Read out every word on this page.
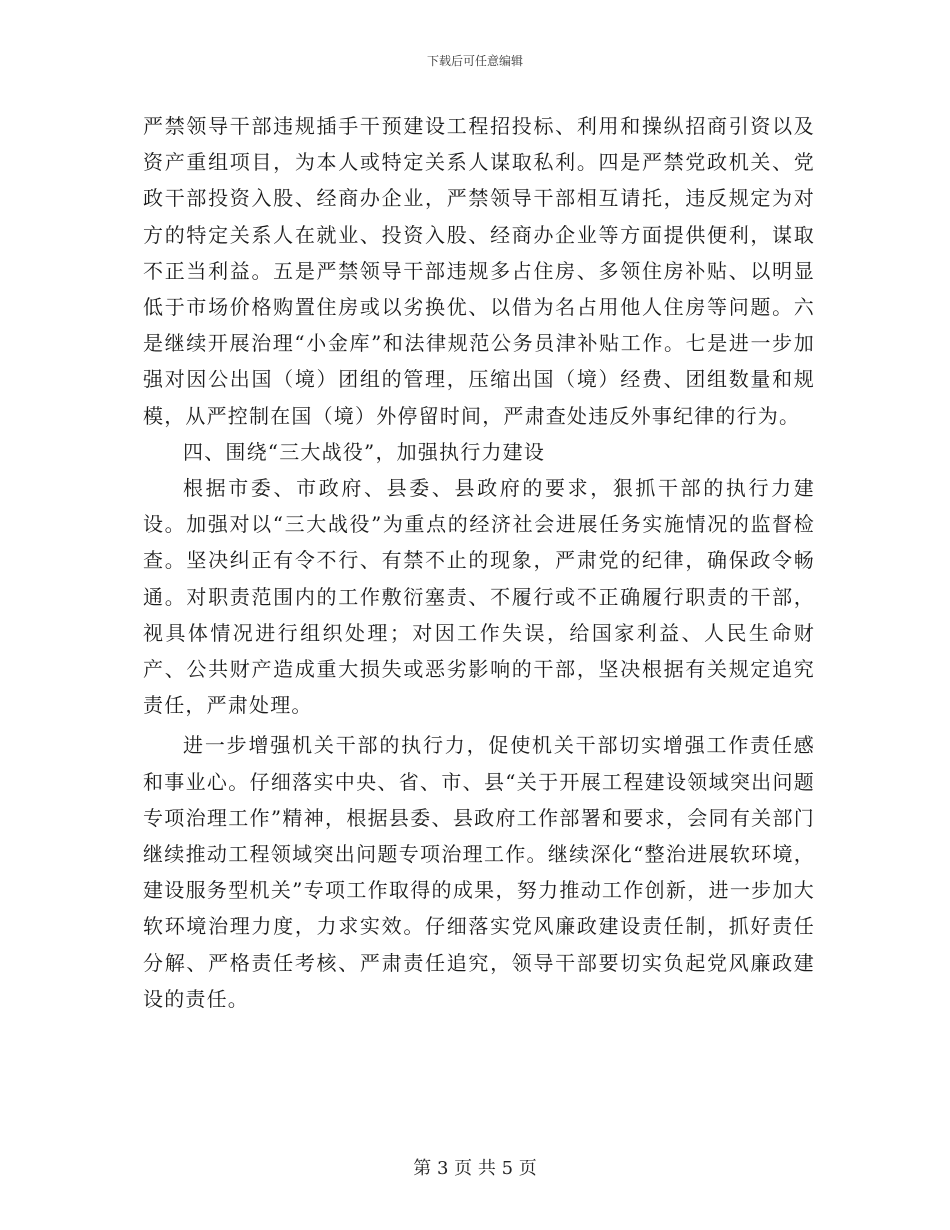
下载后可任意编辑

严禁领导干部违规插手干预建设工程招投标、利用和操纵招商引资以及资产重组项目，为本人或特定关系人谋取私利。四是严禁党政机关、党政干部投资入股、经商办企业，严禁领导干部相互请托，违反规定为对方的特定关系人在就业、投资入股、经商办企业等方面提供便利，谋取不正当利益。五是严禁领导干部违规多占住房、多领住房补贴、以明显低于市场价格购置住房或以劣换优、以借为名占用他人住房等问题。六是继续开展治理“小金库”和法律规范公务员津补贴工作。七是进一步加强对因公出国（境）团组的管理，压缩出国（境）经费、团组数量和规模，从严控制在国（境）外停留时间，严肃查处违反外事纪律的行为。

四、围绕“三大战役”，加强执行力建设

根据市委、市政府、县委、县政府的要求，狠抓干部的执行力建设。加强对以“三大战役”为重点的经济社会进展任务实施情况的监督检查。坚决纠正有令不行、有禁不止的现象，严肃党的纪律，确保政令畅通。对职责范围内的工作敷衍塞责、不履行或不正确履行职责的干部，视具体情况进行组织处理；对因工作失误，给国家利益、人民生命财产、公共财产造成重大损失或恶劣影响的干部，坚决根据有关规定追究责任，严肃处理。

进一步增强机关干部的执行力，促使机关干部切实增强工作责任感和事业心。仔细落实中央、省、市、县“关于开展工程建设领域突出问题专项治理工作”精神，根据县委、县政府工作部署和要求，会同有关部门继续推动工程领域突出问题专项治理工作。继续深化“整治进展软环境，建设服务型机关”专项工作取得的成果，努力推动工作创新，进一步加大软环境治理力度，力求实效。仔细落实党风廉政建设责任制，抓好责任分解、严格责任考核、严肃责任追究，领导干部要切实负起党风廉政建设的责任。

第 3 页 共 5 页
